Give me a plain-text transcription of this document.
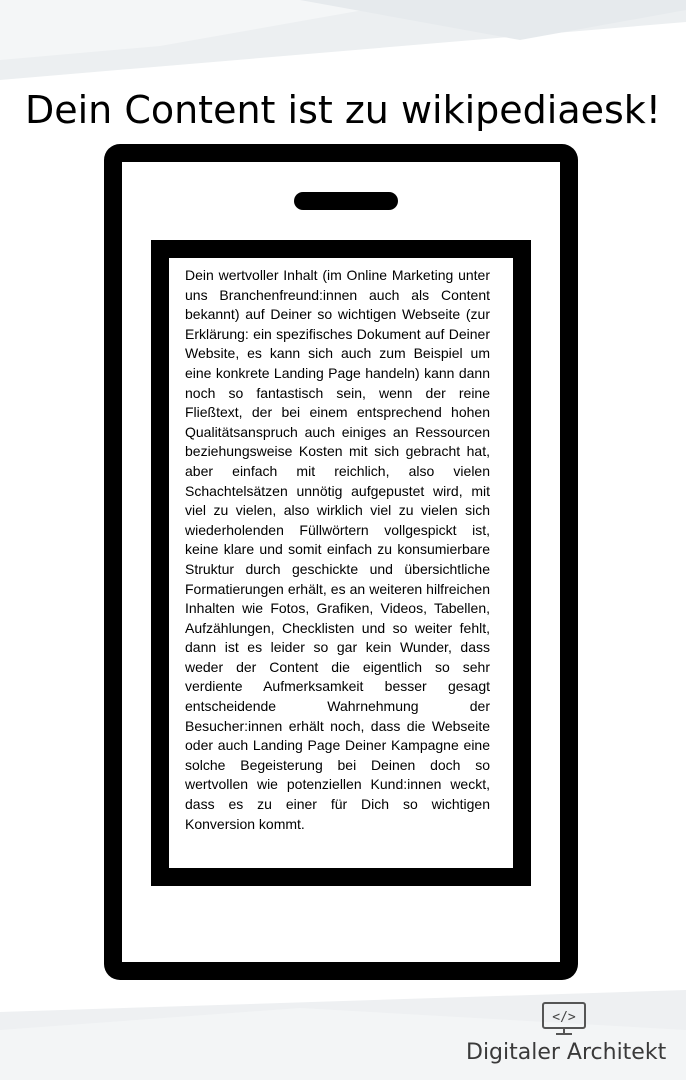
Dein Content ist zu wikipediaesk!

Dein wertvoller Inhalt (im Online Marketing unter uns Branchenfreund:innen auch als Content bekannt) auf Deiner so wichtigen Webseite (zur Erklärung: ein spezifisches Dokument auf Deiner Website, es kann sich auch zum Beispiel um eine konkrete Landing Page handeln) kann dann noch so fantastisch sein, wenn der reine Fließtext, der bei einem entsprechend hohen Qualitätsanspruch auch einiges an Ressourcen beziehungsweise Kosten mit sich gebracht hat, aber einfach mit reichlich, also vielen Schachtelsätzen unnötig aufgepustet wird, mit viel zu vielen, also wirklich viel zu vielen sich wiederholenden Füllwörtern vollgespickt ist, keine klare und somit einfach zu konsumierbare Struktur durch geschickte und übersichtliche Formatierungen erhält, es an weiteren hilfreichen Inhalten wie Fotos, Grafiken, Videos, Tabellen, Aufzählungen, Checklisten und so weiter fehlt, dann ist es leider so gar kein Wunder, dass weder der Content die eigentlich so sehr verdiente Aufmerksamkeit besser gesagt entscheidende Wahrnehmung der Besucher:innen erhält noch, dass die Webseite oder auch Landing Page Deiner Kampagne eine solche Begeisterung bei Deinen doch so wertvollen wie potenziellen Kund:innen weckt, dass es zu einer für Dich so wichtigen Konversion kommt.

</>

Digitaler Architekt
